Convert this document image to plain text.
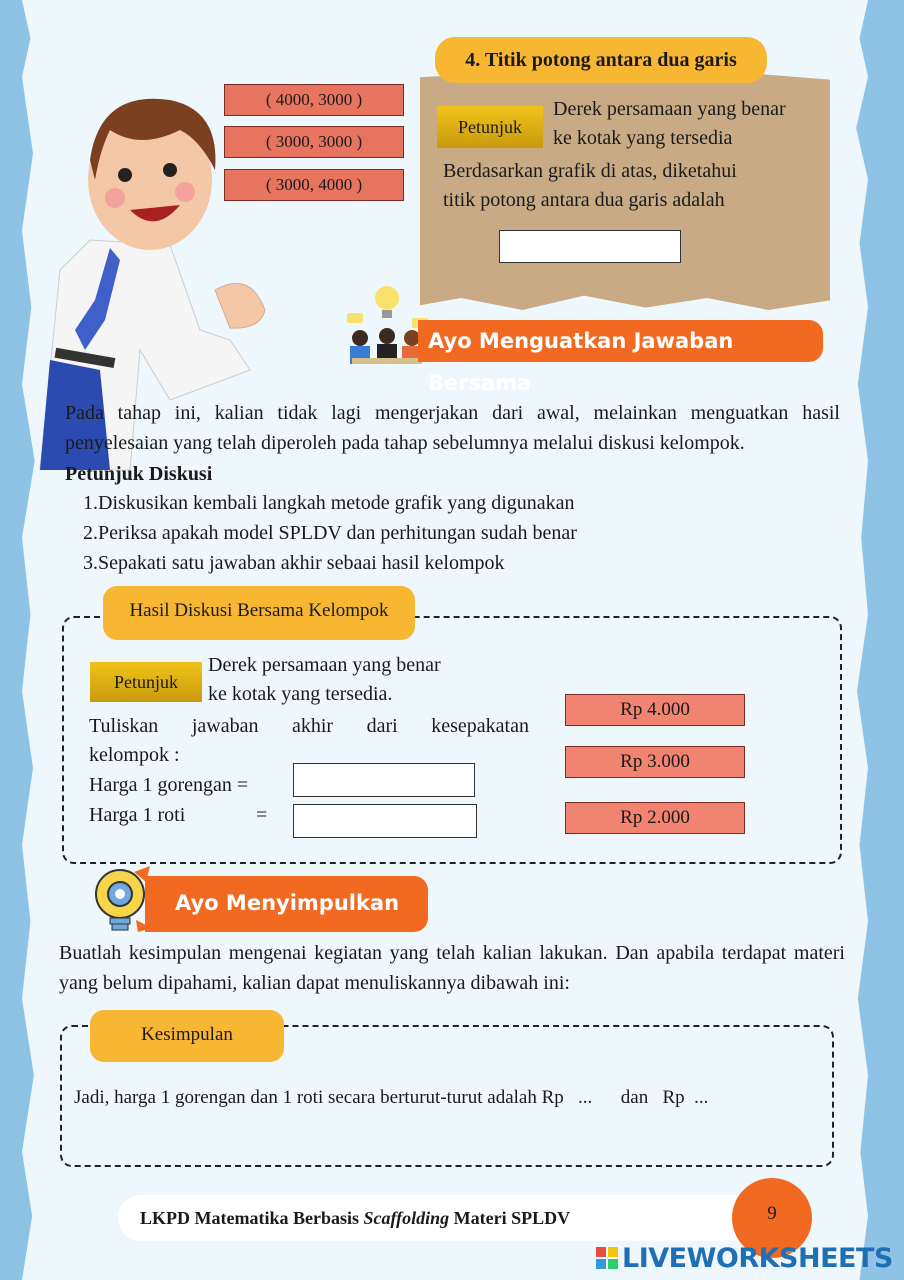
( 4000, 3000 )
( 3000, 3000 )
( 3000, 4000 )
4. Titik potong antara dua garis
Petunjuk
Derek persamaan yang benar
ke kotak yang tersedia
Berdasarkan grafik di atas, diketahui
titik potong antara dua garis adalah
Ayo Menguatkan Jawaban Bersama
Pada tahap ini, kalian tidak lagi mengerjakan dari awal, melainkan menguatkan hasil penyelesaian yang telah diperoleh pada tahap sebelumnya melalui diskusi kelompok.
Petunjuk Diskusi
1.Diskusikan kembali langkah metode grafik yang digunakan
2.Periksa apakah model SPLDV dan perhitungan sudah benar
3.Sepakati satu jawaban akhir sebaai hasil kelompok
Hasil Diskusi Bersama Kelompok
Petunjuk
Derek persamaan yang benar
ke kotak yang tersedia.
Tuliskan jawaban akhir dari kesepakatan
kelompok :
Harga 1 gorengan =
Harga 1 roti	=
Rp 4.000
Rp 3.000
Rp 2.000
Ayo Menyimpulkan
Buatlah kesimpulan mengenai kegiatan yang telah kalian lakukan. Dan apabila terdapat materi yang belum dipahami, kalian dapat menuliskannya dibawah ini:
Kesimpulan
Jadi, harga 1 gorengan dan 1 roti secara berturut-turut adalah Rp   ...      dan   Rp  ...
LKPD Matematika Berbasis Scaffolding Materi SPLDV	9
LIVEWORKSHEETS
